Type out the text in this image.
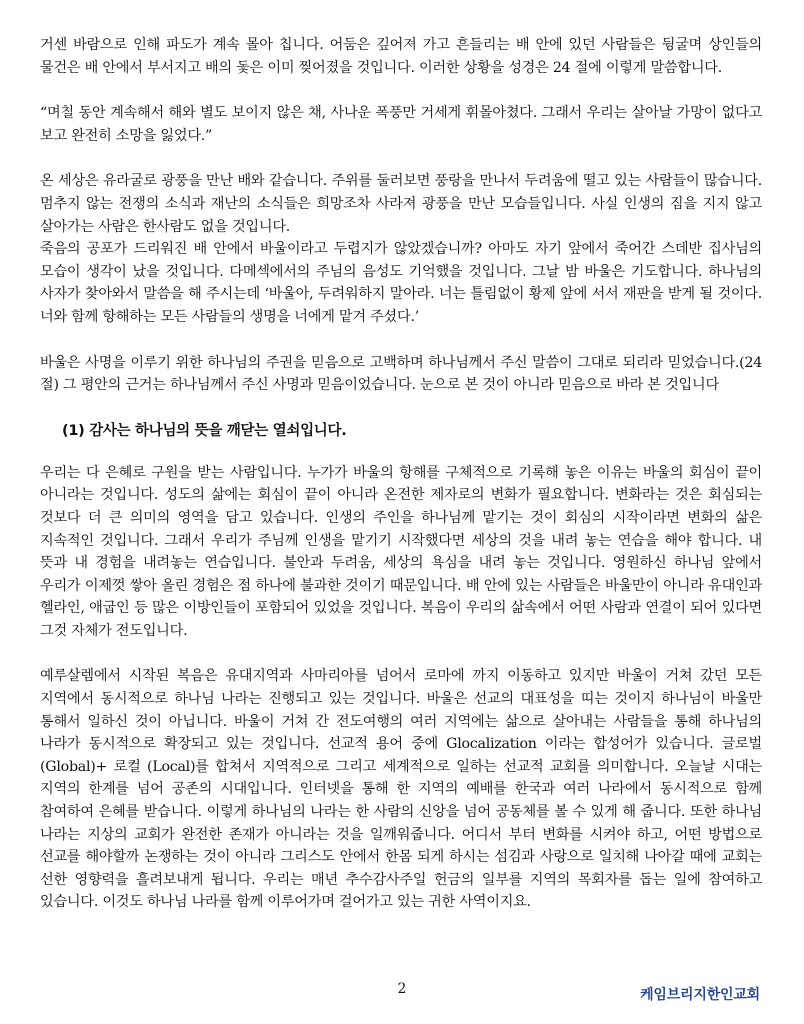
거센 바람으로 인해 파도가 계속 몰아 칩니다. 어둠은 깊어져 가고 흔들리는 배 안에 있던 사람들은 뒹굴며 상인들의 물건은 배 안에서 부서지고 배의 돛은 이미 찢어졌을 것입니다. 이러한 상황을 성경은 24 절에 이렇게 말씀합니다.

“며칠 동안 계속해서 해와 별도 보이지 않은 채, 사나운 폭풍만 거세게 휘몰아쳤다. 그래서 우리는 살아날 가망이 없다고 보고 완전히 소망을 잃었다.”

온 세상은 유라굴로 광풍을 만난 배와 같습니다. 주위를 둘러보면 풍랑을 만나서 두려움에 떨고 있는 사람들이 많습니다. 멈추지 않는 전쟁의 소식과 재난의 소식들은 희망조차 사라져 광풍을 만난 모습들입니다. 사실 인생의 짐을 지지 않고 살아가는 사람은 한사람도 없을 것입니다.

죽음의 공포가 드리워진 배 안에서 바울이라고 두렵지가 않았겠습니까? 아마도 자기 앞에서 죽어간 스데반 집사님의 모습이 생각이 났을 것입니다. 다메섹에서의 주님의 음성도 기억했을 것입니다. 그날 밤 바울은 기도합니다. 하나님의 사자가 찾아와서 말씀을 해 주시는데 ‘바울아, 두려워하지 말아라. 너는 틀림없이 황제 앞에 서서 재판을 받게 될 것이다. 너와 함께 항해하는 모든 사람들의 생명을 너에게 맡겨 주셨다.’

바울은 사명을 이루기 위한 하나님의 주권을 믿음으로 고백하며 하나님께서 주신 말씀이 그대로 되리라 믿었습니다.(24 절) 그 평안의 근거는 하나님께서 주신 사명과 믿음이었습니다. 눈으로 본 것이 아니라 믿음으로 바라 본 것입니다

(1) 감사는 하나님의 뜻을 깨닫는 열쇠입니다.

우리는 다 은혜로 구원을 받는 사람입니다. 누가가 바울의 항해를 구체적으로 기록해 놓은 이유는 바울의 회심이 끝이 아니라는 것입니다. 성도의 삶에는 회심이 끝이 아니라 온전한 제자로의 변화가 필요합니다. 변화라는 것은 회심되는 것보다 더 큰 의미의 영역을 담고 있습니다. 인생의 주인을 하나님께 맡기는 것이 회심의 시작이라면 변화의 삶은 지속적인 것입니다. 그래서 우리가 주님께 인생을 맡기기 시작했다면 세상의 것을 내려 놓는 연습을 해야 합니다. 내 뜻과 내 경험을 내려놓는 연습입니다. 불안과 두려움, 세상의 욕심을 내려 놓는 것입니다. 영원하신 하나님 앞에서 우리가 이제껏 쌓아 올린 경험은 점 하나에 불과한 것이기 때문입니다. 배 안에 있는 사람들은 바울만이 아니라 유대인과 헬라인, 애굽인 등 많은 이방인들이 포함되어 있었을 것입니다. 복음이 우리의 삶속에서 어떤 사람과 연결이 되어 있다면 그것 자체가 전도입니다.

예루살렘에서 시작된 복음은 유대지역과 사마리아를 넘어서 로마에 까지 이동하고 있지만 바울이 거쳐 갔던 모든 지역에서 동시적으로 하나님 나라는 진행되고 있는 것입니다. 바울은 선교의 대표성을 띠는 것이지 하나님이 바울만 통해서 일하신 것이 아닙니다. 바울이 거쳐 간 전도여행의 여러 지역에는 삶으로 살아내는 사람들을 통해 하나님의 나라가 동시적으로 확장되고 있는 것입니다. 선교적 용어 중에 Glocalization 이라는 합성어가 있습니다. 글로벌(Global)+ 로컬 (Local)를 합쳐서 지역적으로 그리고 세계적으로 일하는 선교적 교회를 의미합니다. 오늘날 시대는 지역의 한계를 넘어 공존의 시대입니다. 인터넷을 통해 한 지역의 예배를 한국과 여러 나라에서 동시적으로 함께 참여하여 은혜를 받습니다. 이렇게 하나님의 나라는 한 사람의 신앙을 넘어 공동체를 볼 수 있게 해 줍니다. 또한 하나님 나라는 지상의 교회가 완전한 존재가 아니라는 것을 일깨워줍니다. 어디서 부터 변화를 시켜야 하고, 어떤 방법으로 선교를 해야할까 논쟁하는 것이 아니라 그리스도 안에서 한몸 되게 하시는 섬김과 사랑으로 일치해 나아갈 때에 교회는 선한 영향력을 흘려보내게 됩니다. 우리는 매년 추수감사주일 헌금의 일부를 지역의 목회자를 돕는 일에 참여하고 있습니다. 이것도 하나님 나라를 함께 이루어가며 걸어가고 있는 귀한 사역이지요.

2	케임브리지한인교회
